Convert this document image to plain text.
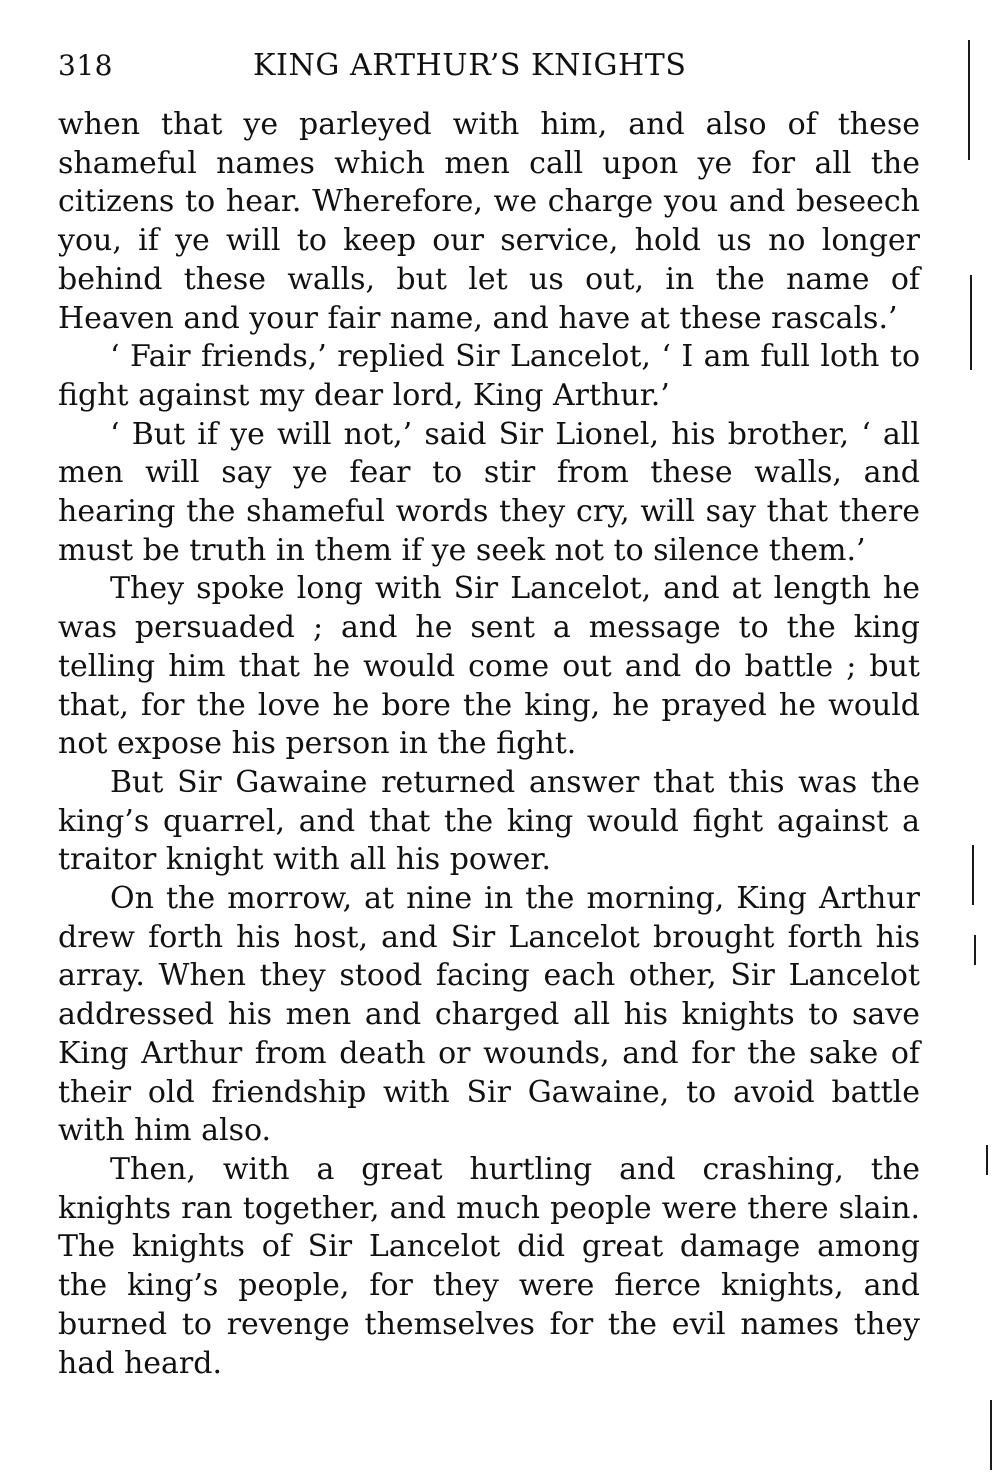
318	KING ARTHUR’S KNIGHTS

when that ye parleyed with him, and also of these shameful names which men call upon ye for all the citizens to hear. Wherefore, we charge you and beseech you, if ye will to keep our service, hold us no longer behind these walls, but let us out, in the name of Heaven and your fair name, and have at these rascals.’

‘ Fair friends,’ replied Sir Lancelot, ‘ I am full loth to fight against my dear lord, King Arthur.’

‘ But if ye will not,’ said Sir Lionel, his brother, ‘ all men will say ye fear to stir from these walls, and hearing the shameful words they cry, will say that there must be truth in them if ye seek not to silence them.’

They spoke long with Sir Lancelot, and at length he was persuaded ; and he sent a message to the king telling him that he would come out and do battle ; but that, for the love he bore the king, he prayed he would not expose his person in the fight.

But Sir Gawaine returned answer that this was the king’s quarrel, and that the king would fight against a traitor knight with all his power.

On the morrow, at nine in the morning, King Arthur drew forth his host, and Sir Lancelot brought forth his array. When they stood facing each other, Sir Lancelot addressed his men and charged all his knights to save King Arthur from death or wounds, and for the sake of their old friendship with Sir Gawaine, to avoid battle with him also.

Then, with a great hurtling and crashing, the knights ran together, and much people were there slain. The knights of Sir Lancelot did great damage among the king’s people, for they were fierce knights, and burned to revenge themselves for the evil names they had heard.
